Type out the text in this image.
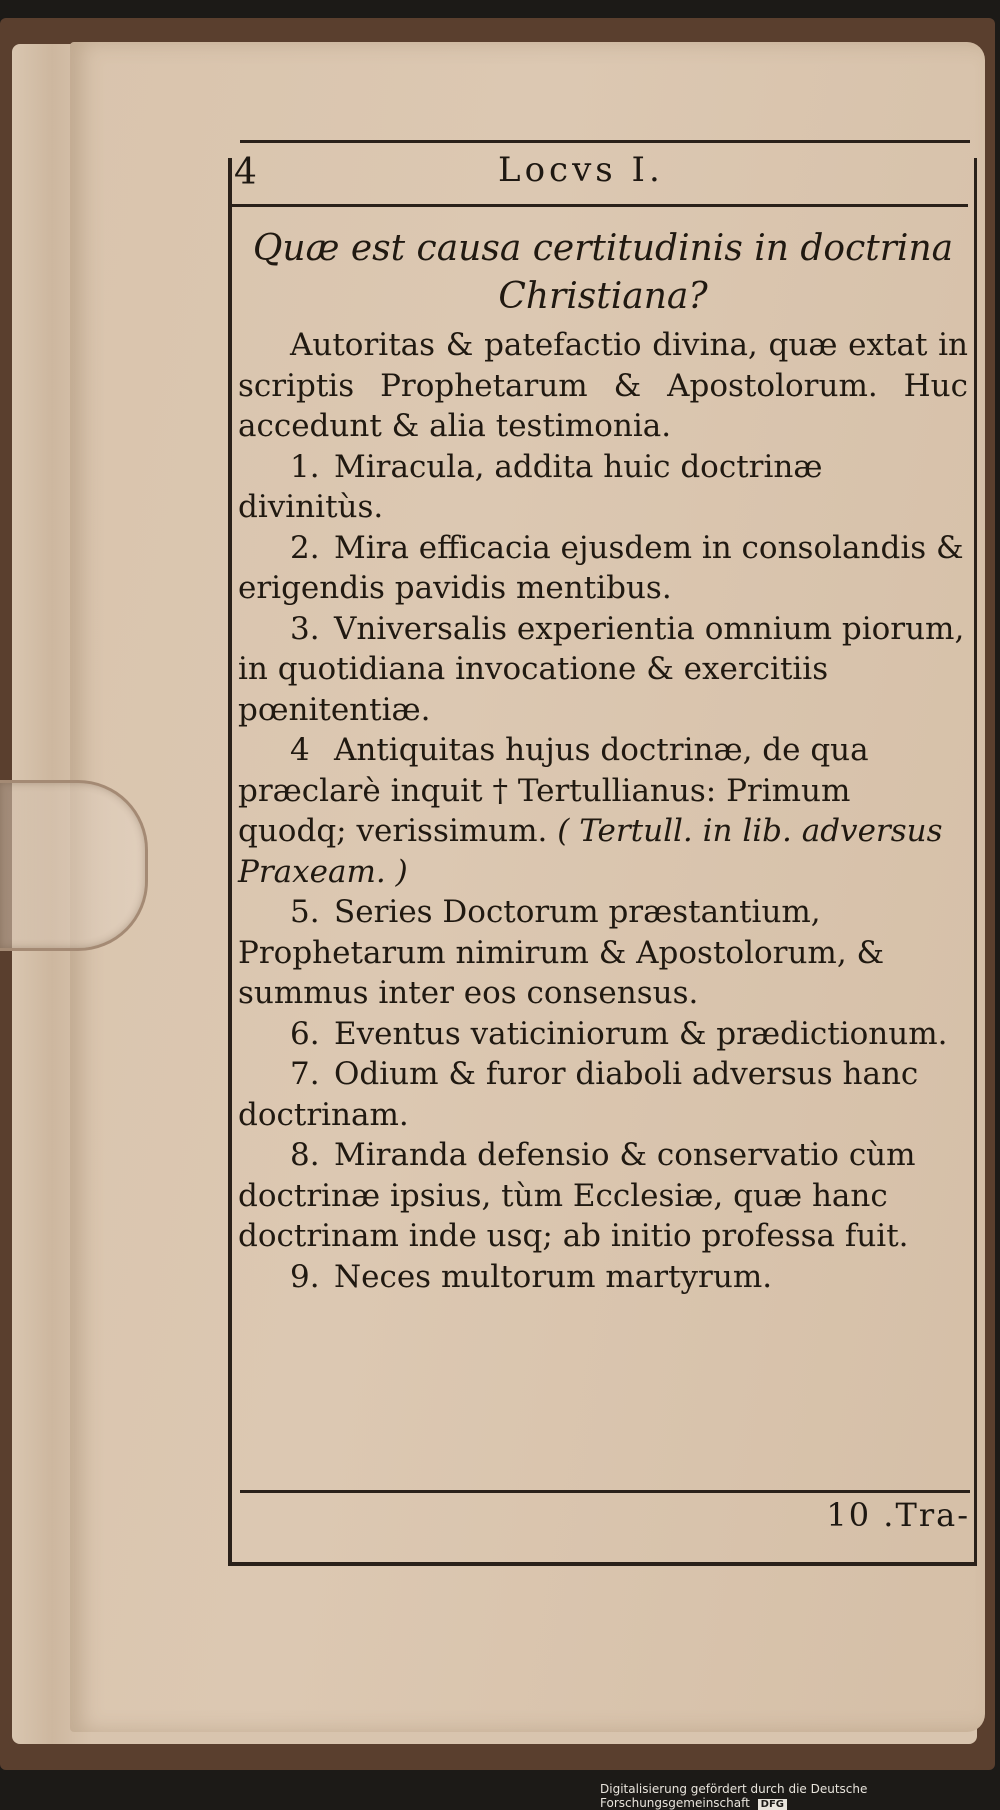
4	Locvs I.

Quæ est causa certitudinis in doctrina Christiana?

Autoritas & patefactio divina, quæ extat in scriptis Prophetarum & Apostolorum. Huc accedunt & alia testimonia.

1. Miracula, addita huic doctrinæ divinitùs.

2. Mira efficacia ejusdem in consolandis & erigendis pavidis mentibus.

3. Vniversalis experientia omnium piorum, in quotidiana invocatione & exercitiis pœnitentiæ.

4 Antiquitas hujus doctrinæ, de qua præclarè inquit † Tertullianus: Primum quodq; verissimum. ( Tertull. in lib. adversus Praxeam. )

5. Series Doctorum præstantium, Prophetarum nimirum & Apostolorum, & summus inter eos consensus.

6. Eventus vaticiniorum & prædictionum.

7. Odium & furor diaboli adversus hanc doctrinam.

8. Miranda defensio & conservatio cùm doctrinæ ipsius, tùm Ecclesiæ, quæ hanc doctrinam inde usq; ab initio professa fuit.

9. Neces multorum martyrum.

10 .Tra-
Digitalisierung gefördert durch die Deutsche Forschungsgemeinschaft DFG
